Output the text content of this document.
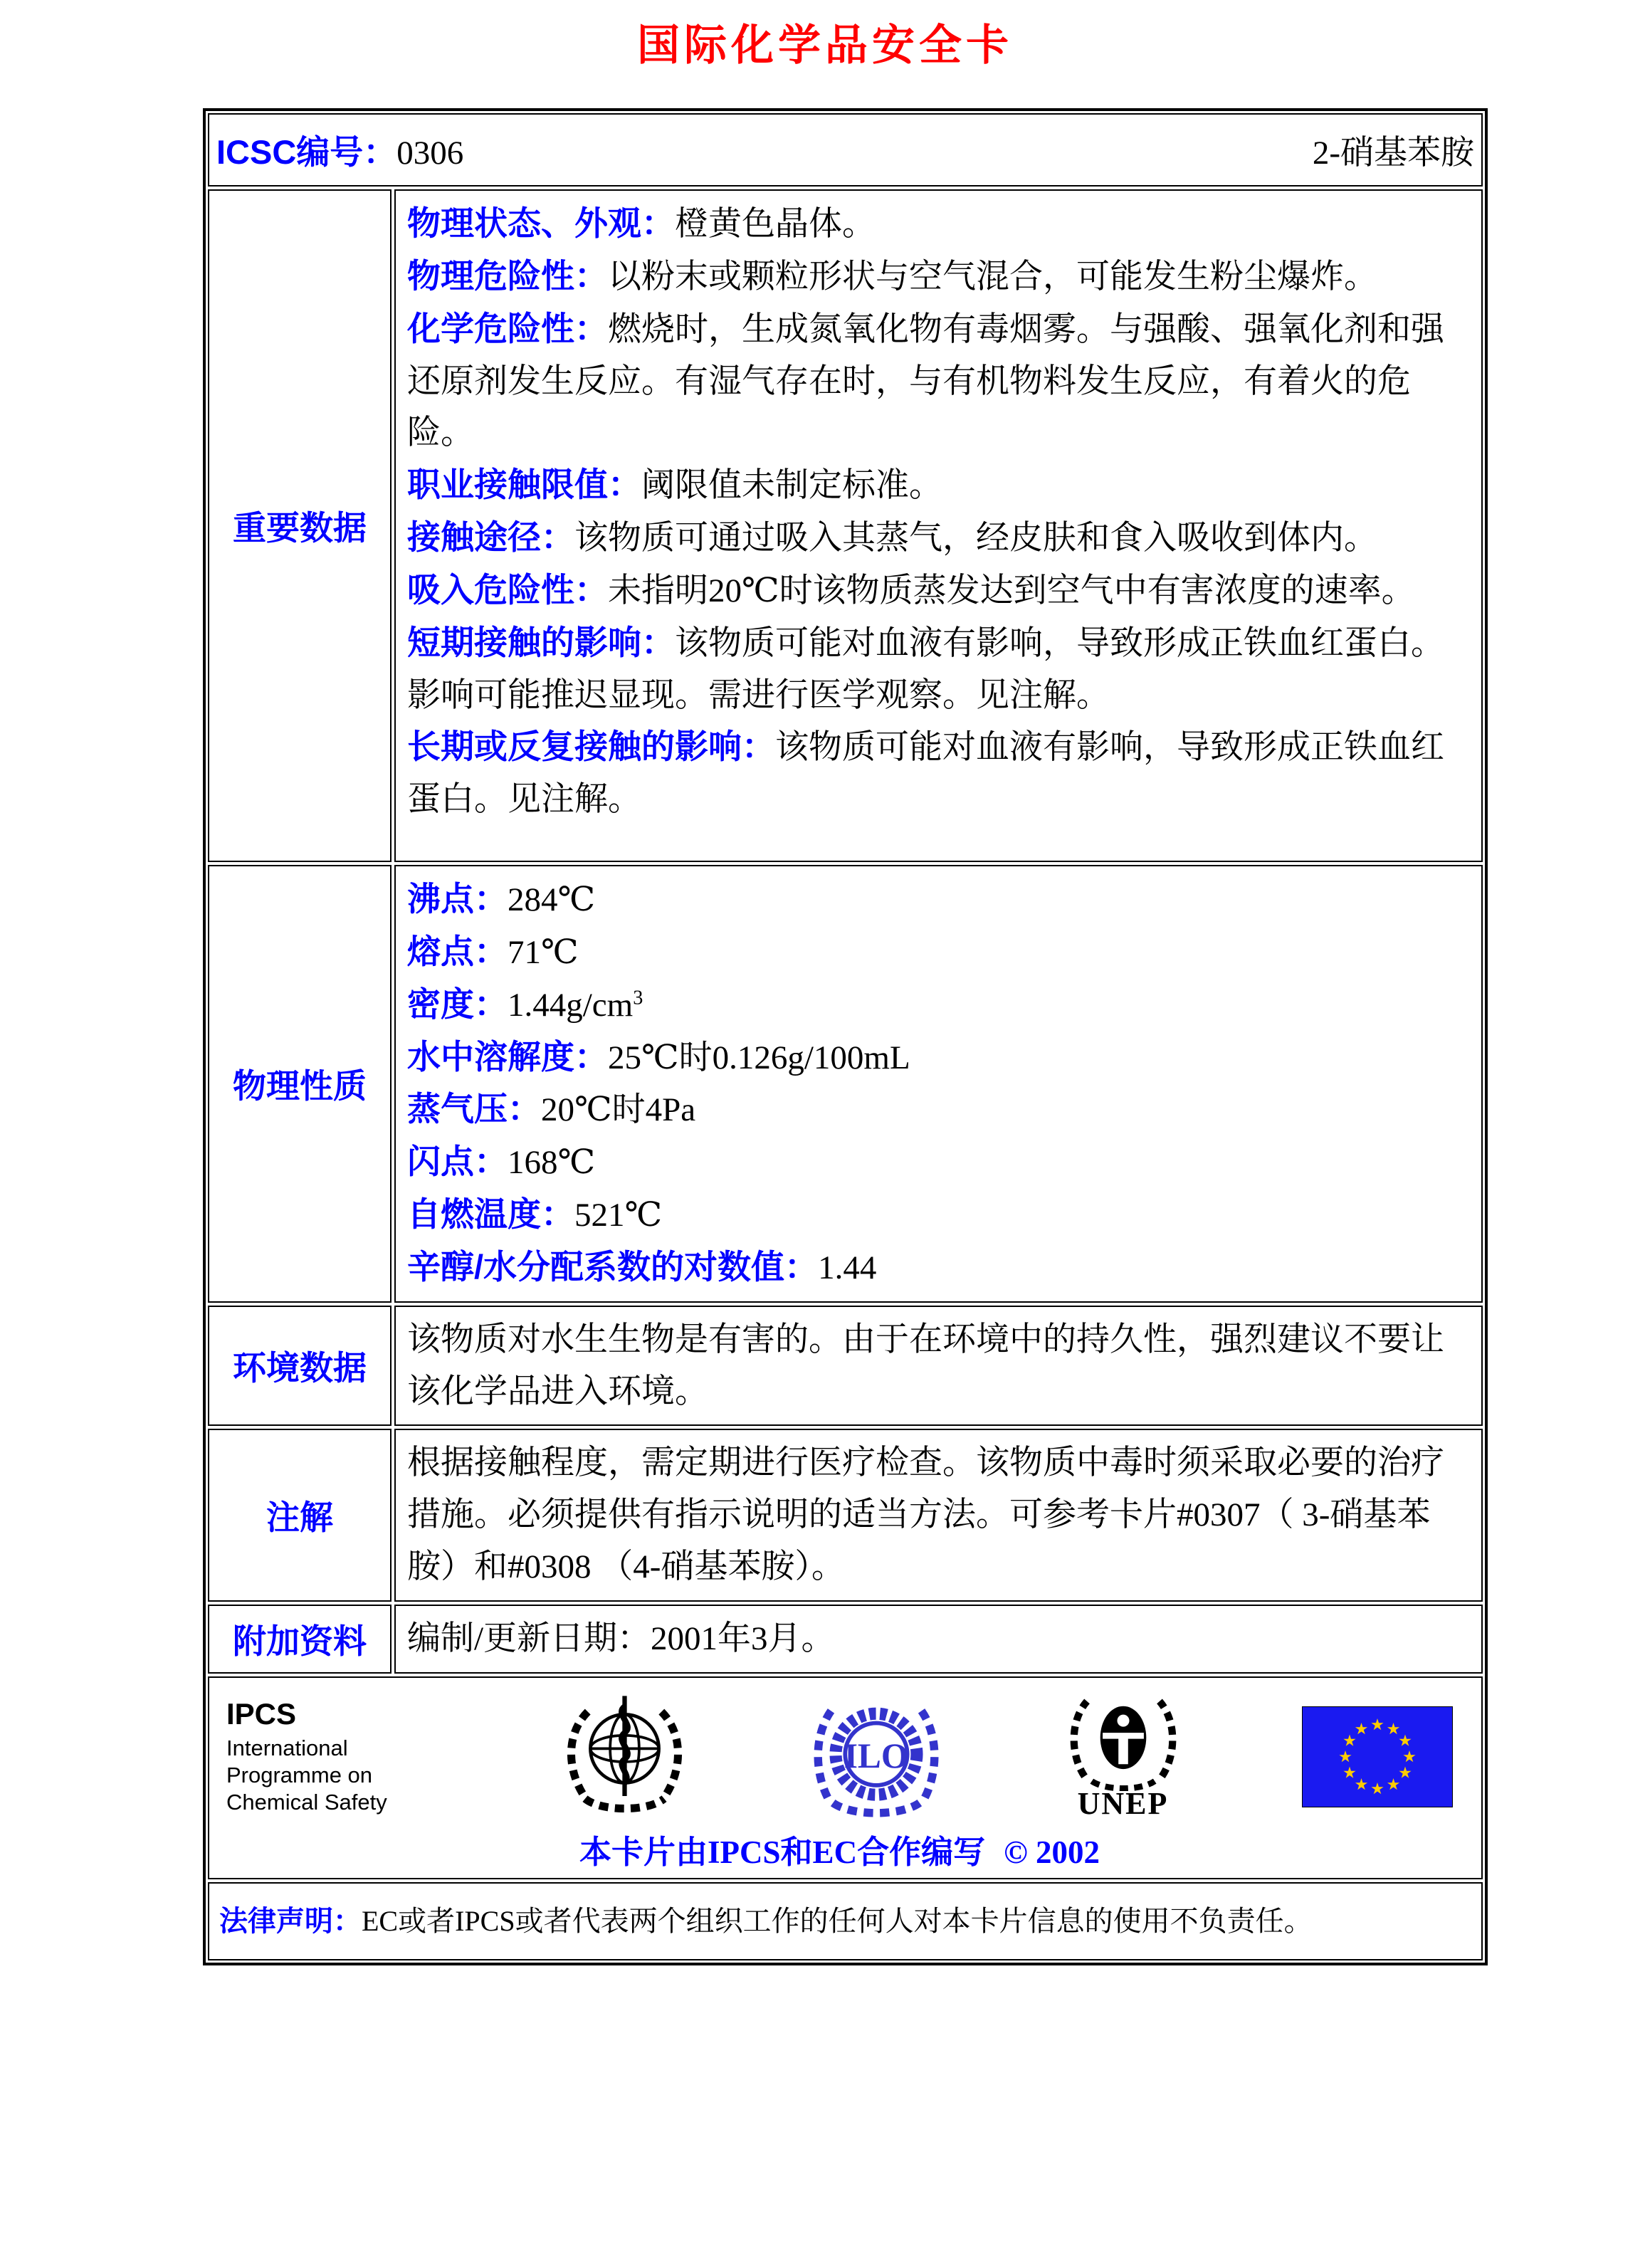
国际化学品安全卡
ICSC编号： 0306	2-硝基苯胺
重要数据

物理状态、外观：橙黄色晶体。

物理危险性：以粉末或颗粒形状与空气混合，可能发生粉尘爆炸。

化学危险性：燃烧时，生成氮氧化物有毒烟雾。与强酸、强氧化剂和强还原剂发生反应。有湿气存在时，与有机物料发生反应，有着火的危险。

职业接触限值：阈限值未制定标准。

接触途径：该物质可通过吸入其蒸气，经皮肤和食入吸收到体内。

吸入危险性：未指明20℃时该物质蒸发达到空气中有害浓度的速率。

短期接触的影响：该物质可能对血液有影响，导致形成正铁血红蛋白。影响可能推迟显现。需进行医学观察。见注解。

长期或反复接触的影响：该物质可能对血液有影响，导致形成正铁血红蛋白。见注解。

物理性质

沸点：284℃

熔点：71℃

密度：$1.44g/cm^3$

水中溶解度：25℃时0.126g/100mL

蒸气压：20℃时4Pa

闪点：168℃

自燃温度：521℃

辛醇/水分配系数的对数值：1.44

环境数据

该物质对水生生物是有害的。由于在环境中的持久性，强烈建议不要让该化学品进入环境。

注解

根据接触程度，需定期进行医疗检查。该物质中毒时须采取必要的治疗措施。必须提供有指示说明的适当方法。可参考卡片#0307（ 3-硝基苯胺）和#0308 （4-硝基苯胺）。

附加资料	编制/更新日期：2001年3月。

IPCS

International

Programme on

Chemical Safety

ILO
UNEP
本卡片由IPCS和EC合作编写 © 2002
法律声明：EC或者IPCS或者代表两个组织工作的任何人对本卡片信息的使用不负责任。
